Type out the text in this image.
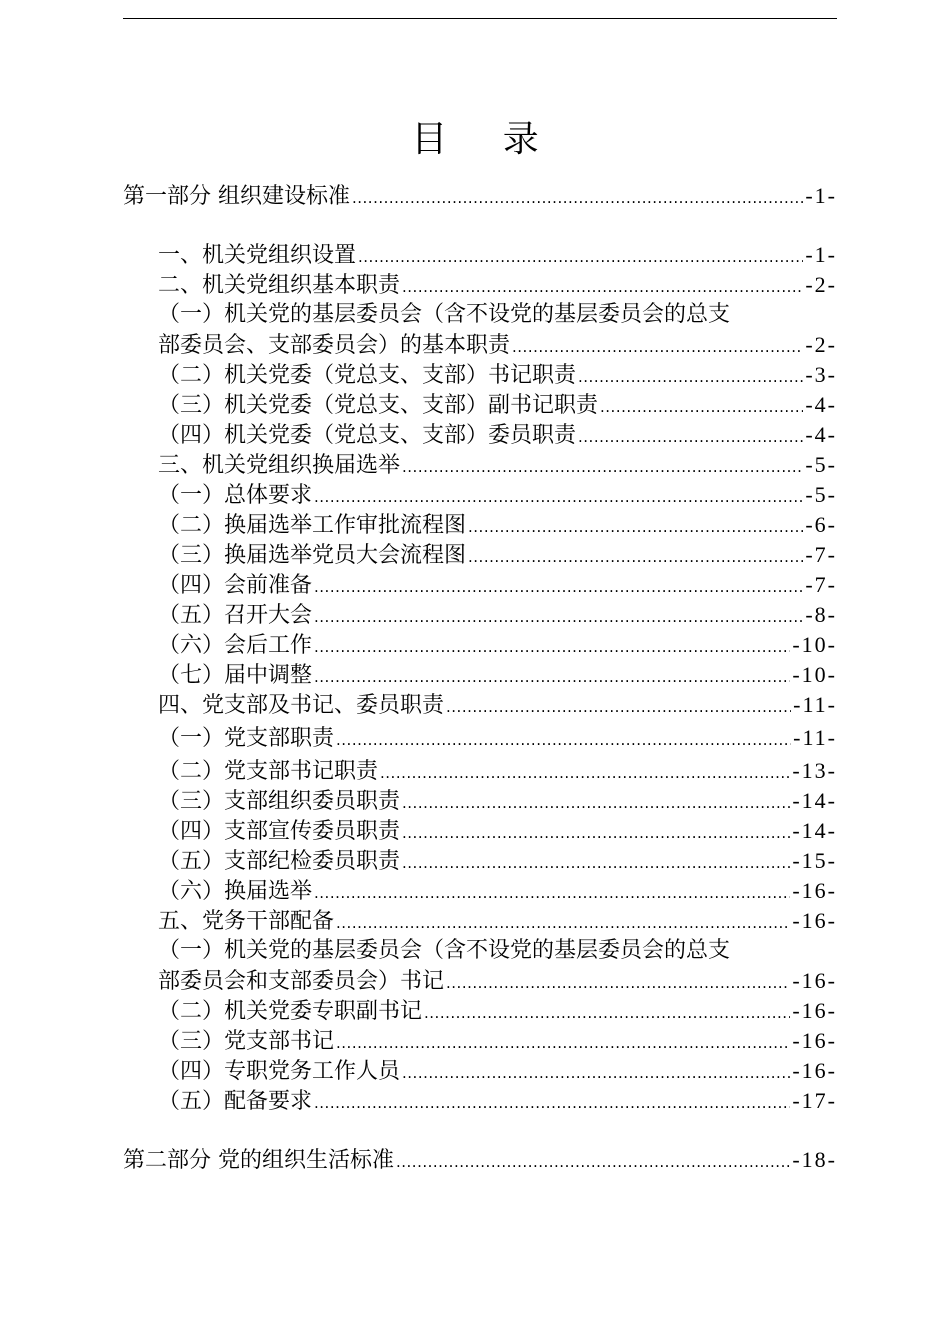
目 录
第一部分 组织建设标准 .....	-1-
一、机关党组织设置 .....	-1-
二、机关党组织基本职责 .....	-2-
（一）机关党的基层委员会（含不设党的基层委员会的总支
部委员会、支部委员会）的基本职责 .....	-2-
（二）机关党委（党总支、支部）书记职责 .....	-3-
（三）机关党委（党总支、支部）副书记职责 .....	-4-
（四）机关党委（党总支、支部）委员职责 .....	-4-
三、机关党组织换届选举 .....	-5-
（一）总体要求 .....	-5-
（二）换届选举工作审批流程图 .....	-6-
（三）换届选举党员大会流程图 .....	-7-
（四）会前准备 .....	-7-
（五）召开大会 .....	-8-
（六）会后工作 .....	-10-
（七）届中调整 .....	-10-
四、党支部及书记、委员职责 .....	-11-
（一）党支部职责 .....	-11-
（二）党支部书记职责 .....	-13-
（三）支部组织委员职责 .....	-14-
（四）支部宣传委员职责 .....	-14-
（五）支部纪检委员职责 .....	-15-
（六）换届选举 .....	-16-
五、党务干部配备 .....	-16-
（一）机关党的基层委员会（含不设党的基层委员会的总支
部委员会和支部委员会）书记 .....	-16-
（二）机关党委专职副书记 .....	-16-
（三）党支部书记 .....	-16-
（四）专职党务工作人员 .....	-16-
（五）配备要求 .....	-17-
第二部分 党的组织生活标准 .....	-18-
